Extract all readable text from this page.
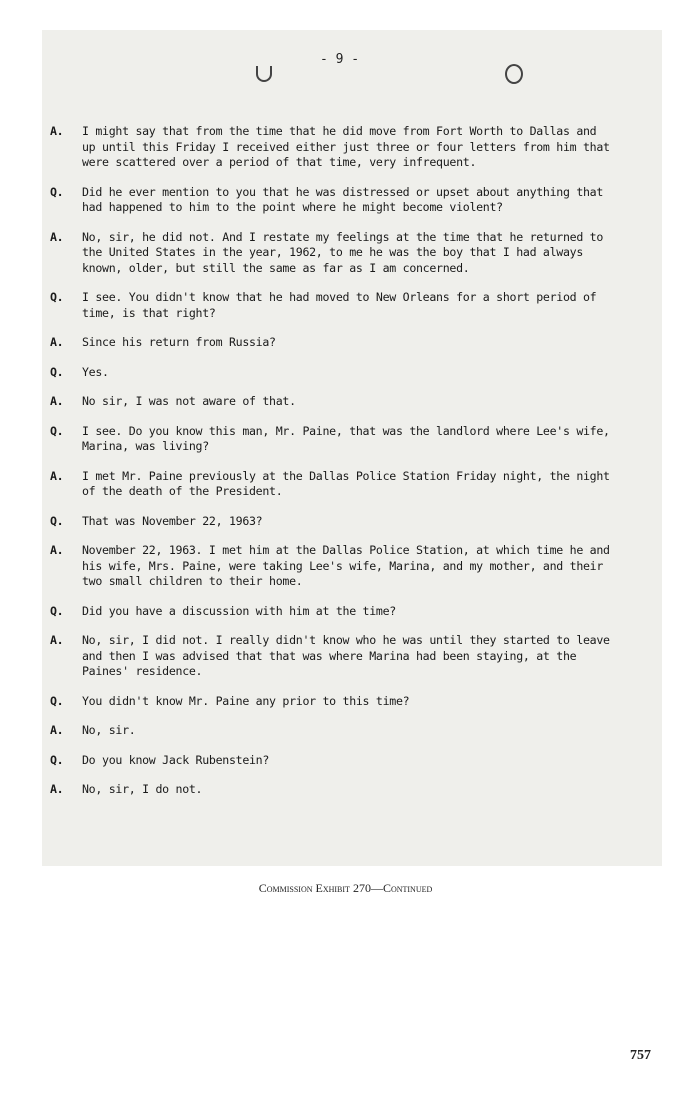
- 9 -
A.	I might say that from the time that he did move from Fort Worth to Dallas and up until this Friday I received either just three or four letters from him that were scattered over a period of that time, very infrequent.
Q.	Did he ever mention to you that he was distressed or upset about anything that had happened to him to the point where he might become violent?
A.	No, sir, he did not. And I restate my feelings at the time that he returned to the United States in the year, 1962, to me he was the boy that I had always known, older, but still the same as far as I am concerned.
Q.	I see. You didn't know that he had moved to New Orleans for a short period of time, is that right?
A.	Since his return from Russia?
Q.	Yes.
A.	No sir, I was not aware of that.
Q.	I see. Do you know this man, Mr. Paine, that was the landlord where Lee's wife, Marina, was living?
A.	I met Mr. Paine previously at the Dallas Police Station Friday night, the night of the death of the President.
Q.	That was November 22, 1963?
A.	November 22, 1963. I met him at the Dallas Police Station, at which time he and his wife, Mrs. Paine, were taking Lee's wife, Marina, and my mother, and their two small children to their home.
Q.	Did you have a discussion with him at the time?
A.	No, sir, I did not. I really didn't know who he was until they started to leave and then I was advised that that was where Marina had been staying, at the Paines' residence.
Q.	You didn't know Mr. Paine any prior to this time?
A.	No, sir.
Q.	Do you know Jack Rubenstein?
A.	No, sir, I do not.
Commission Exhibit 270—Continued
757
